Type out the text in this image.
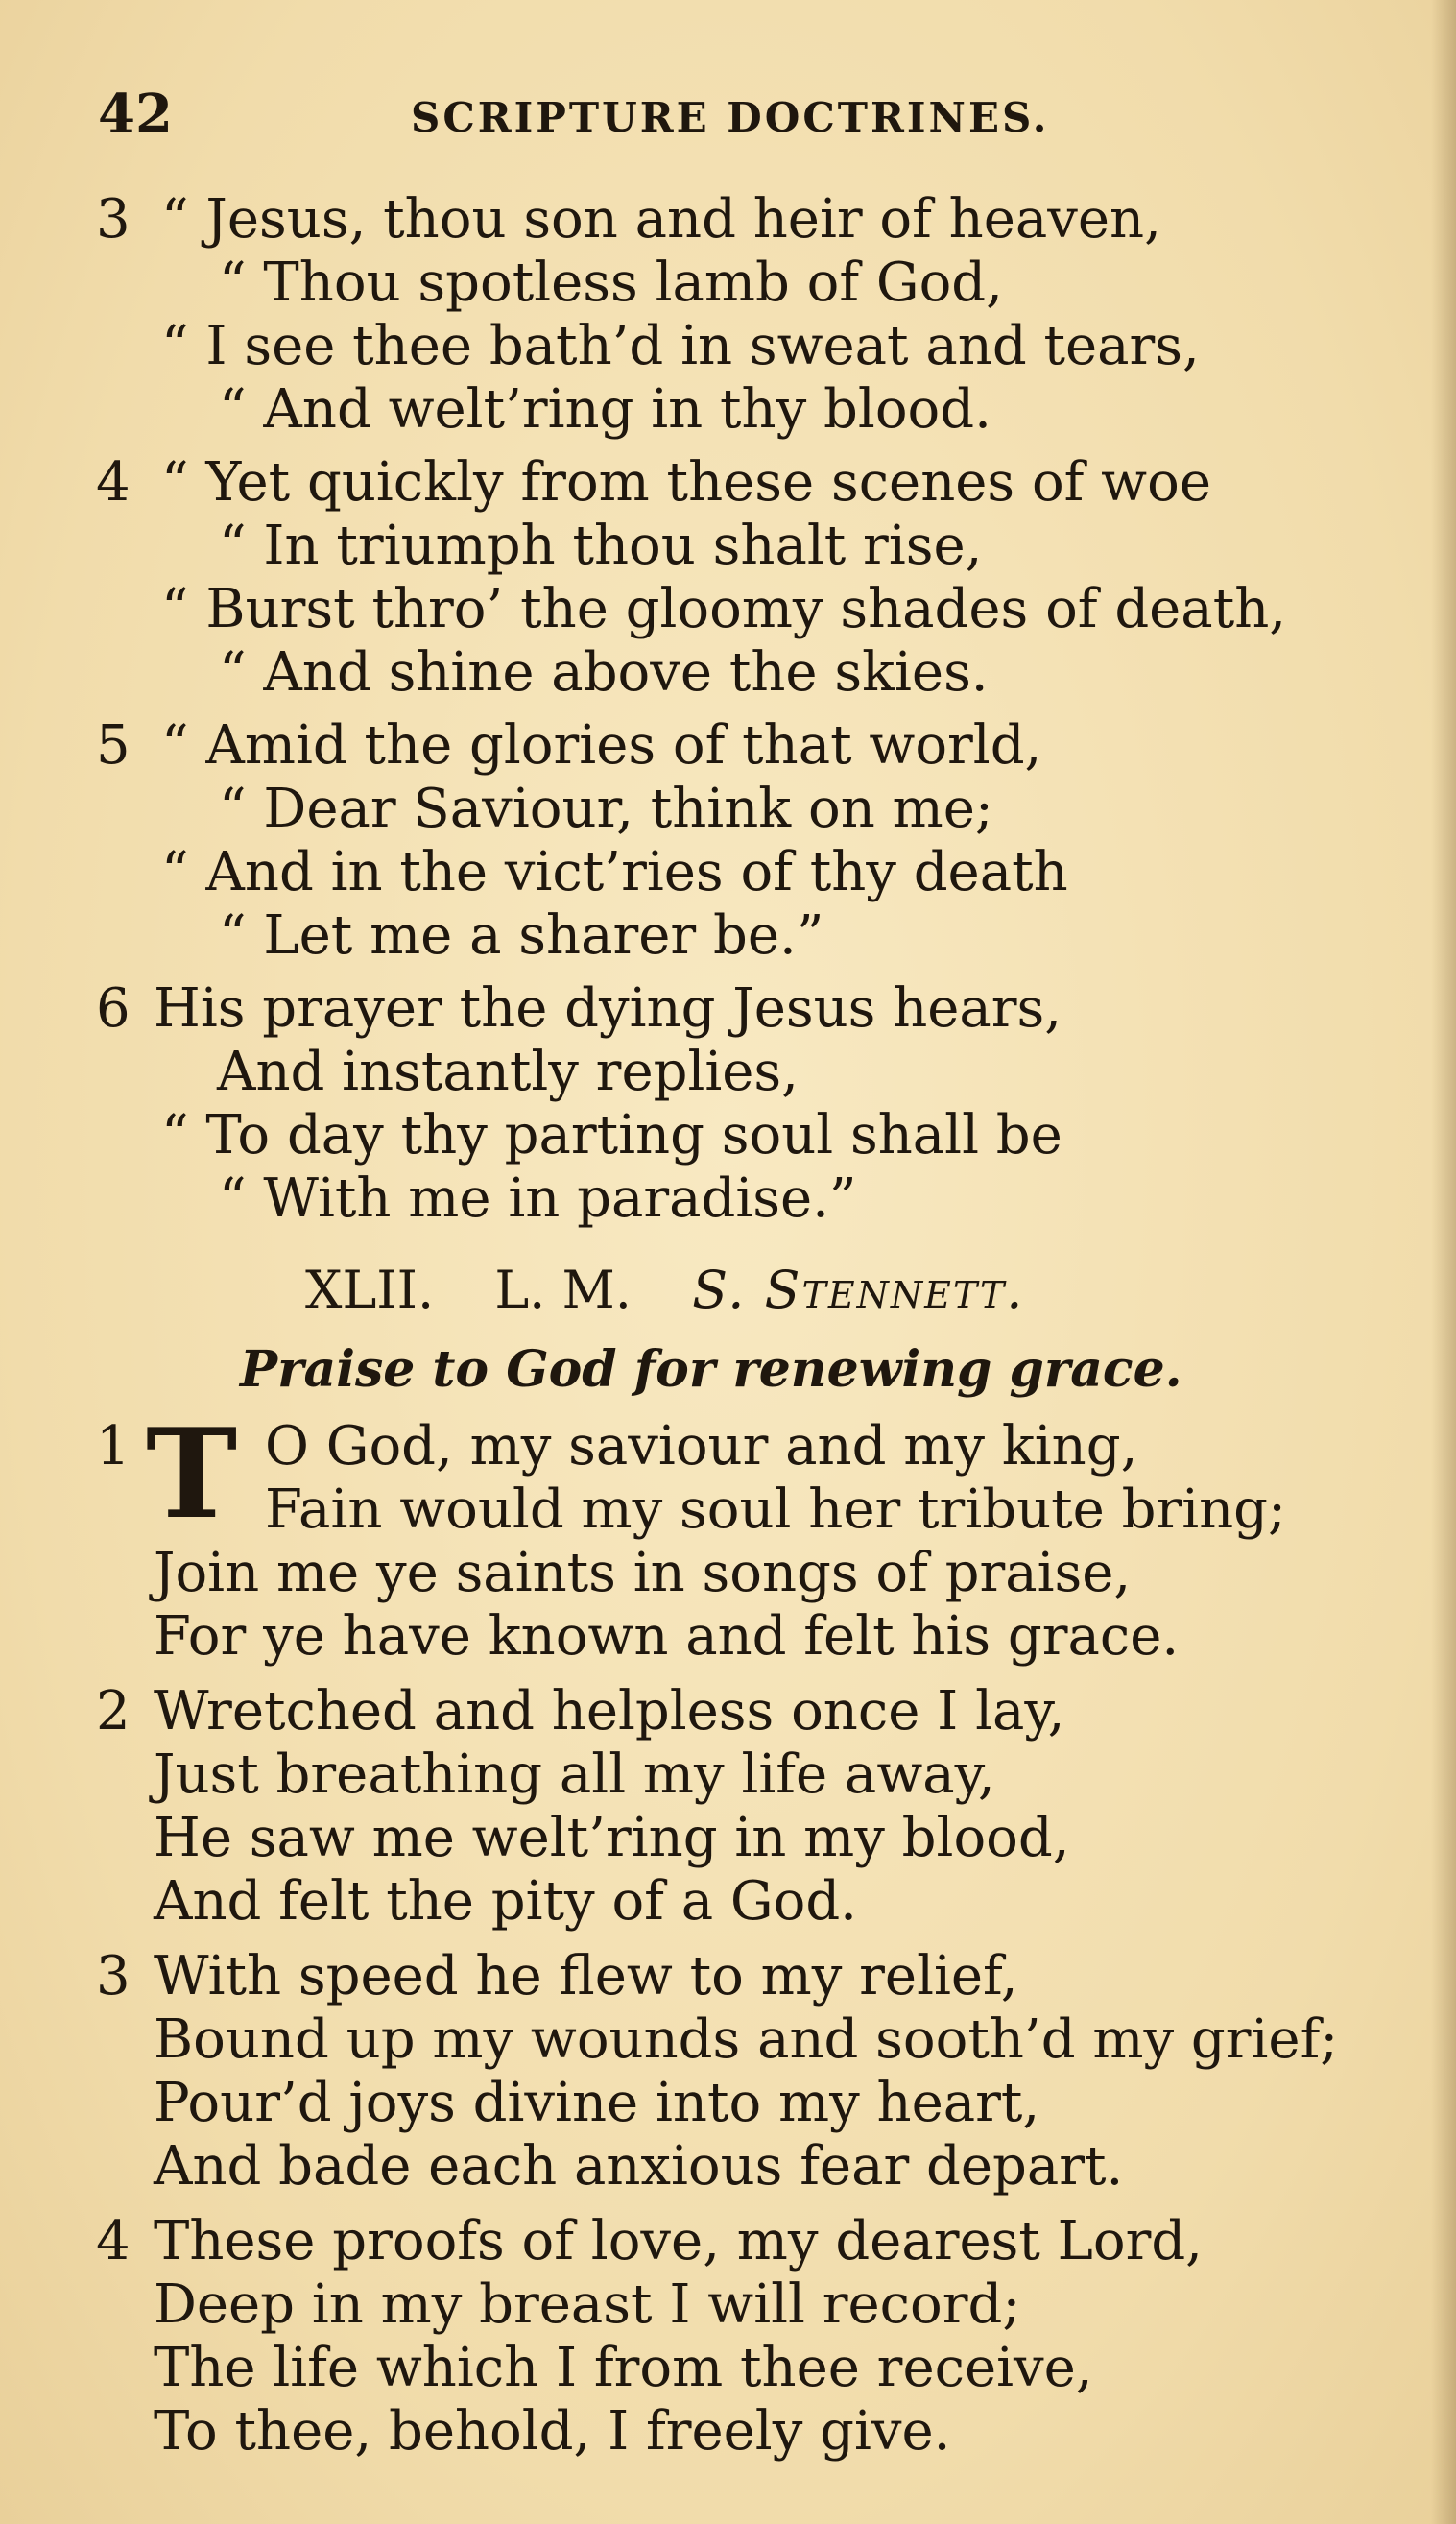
42	SCRIPTURE DOCTRINES.
3 “ Jesus, thou son and heir of heaven,
“ Thou spotless lamb of God,
“ I see thee bath’d in sweat and tears,
“ And welt’ring in thy blood.
4 “ Yet quickly from these scenes of woe
“ In triumph thou shalt rise,
“ Burst thro’ the gloomy shades of death,
“ And shine above the skies.
5 “ Amid the glories of that world,
“ Dear Saviour, think on me;
“ And in the vict’ries of thy death
“ Let me a sharer be.”
6 His prayer the dying Jesus hears,
And instantly replies,
“ To day thy parting soul shall be
“ With me in paradise.”
XLII. L. M. S. Stennett.
Praise to God for renewing grace.
1	O God, my saviour and my king,
T Fain would my soul her tribute bring;
Join me ye saints in songs of praise,
For ye have known and felt his grace.
2 Wretched and helpless once I lay,
Just breathing all my life away,
He saw me welt’ring in my blood,
And felt the pity of a God.
3 With speed he flew to my relief,
Bound up my wounds and sooth’d my grief;
Pour’d joys divine into my heart,
And bade each anxious fear depart.
4 These proofs of love, my dearest Lord,
Deep in my breast I will record;
The life which I from thee receive,
To thee, behold, I freely give.
